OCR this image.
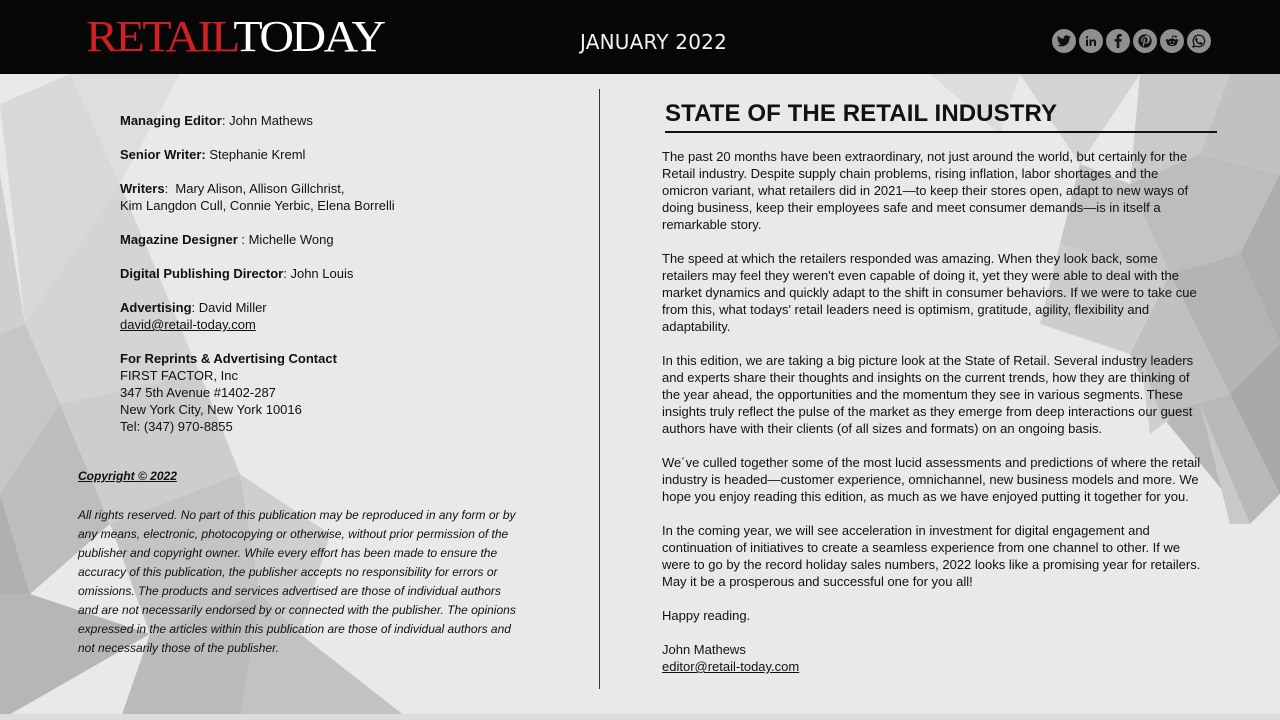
RETAILTODAY	JANUARY 2022
Managing Editor: John Mathews
Senior Writer: Stephanie Kreml
Writers:  Mary Alison, Allison Gillchrist,
Kim Langdon Cull, Connie Yerbic, Elena Borrelli
Magazine Designer : Michelle Wong
Digital Publishing Director: John Louis
Advertising: David Miller
david@retail-today.com
For Reprints & Advertising Contact
FIRST FACTOR, Inc
347 5th Avenue #1402-287
New York City, New York 10016
Tel: (347) 970-8855
Copyright © 2022

All rights reserved. No part of this publication may be reproduced in any form or by any means, electronic, photocopying or otherwise, without prior permission of the publisher and copyright owner. While every effort has been made to ensure the accuracy of this publication, the publisher accepts no responsibility for errors or omissions. The products and services advertised are those of individual authors and are not necessarily endorsed by or connected with the publisher. The opinions expressed in the articles within this publication are those of individual authors and not necessarily those of the publisher.

STATE OF THE RETAIL INDUSTRY

The past 20 months have been extraordinary, not just around the world, but certainly for the Retail industry. Despite supply chain problems, rising inflation, labor shortages and the omicron variant, what retailers did in 2021—to keep their stores open, adapt to new ways of doing business, keep their employees safe and meet consumer demands—is in itself a remarkable story.

The speed at which the retailers responded was amazing. When they look back, some retailers may feel they weren't even capable of doing it, yet they were able to deal with the market dynamics and quickly adapt to the shift in consumer behaviors. If we were to take cue from this, what todays' retail leaders need is optimism, gratitude, agility, flexibility and adaptability.

In this edition, we are taking a big picture look at the State of Retail. Several industry leaders and experts share their thoughts and insights on the current trends, how they are thinking of the year ahead, the opportunities and the momentum they see in various segments. These insights truly reflect the pulse of the market as they emerge from deep interactions our guest authors have with their clients (of all sizes and formats) on an ongoing basis.

We´ve culled together some of the most lucid assessments and predictions of where the retail industry is headed—customer experience, omnichannel, new business models and more. We hope you enjoy reading this edition, as much as we have enjoyed putting it together for you.

In the coming year, we will see acceleration in investment for digital engagement and continuation of initiatives to create a seamless experience from one channel to other. If we were to go by the record holiday sales numbers, 2022 looks like a promising year for retailers. May it be a prosperous and successful one for you all!

Happy reading.

John Mathews
editor@retail-today.com
